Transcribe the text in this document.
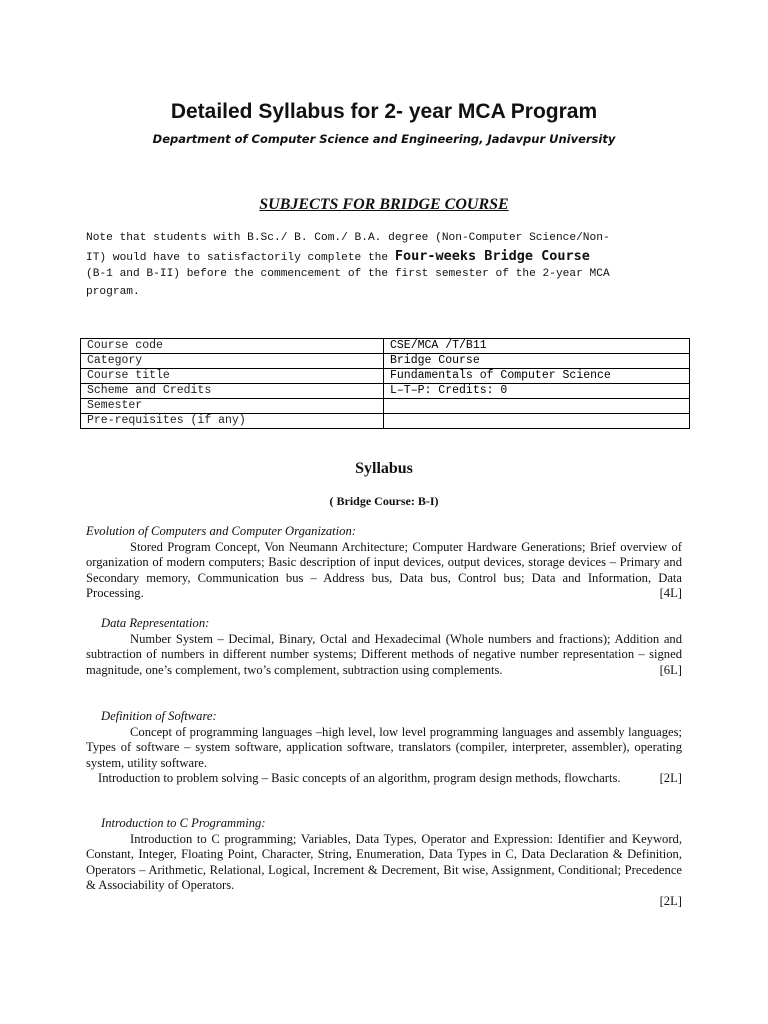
Detailed Syllabus for 2- year MCA Program
Department of Computer Science and Engineering, Jadavpur University
SUBJECTS FOR BRIDGE COURSE
Note that students with B.Sc./ B. Com./ B.A. degree (Non-Computer Science/Non-
IT) would have to satisfactorily complete the Four-weeks Bridge Course
(B-1 and B-II) before the commencement of the first semester of the 2-year MCA
program.
Course code	CSE/MCA /T/B11
Category	Bridge Course
Course title	Fundamentals of Computer Science
Scheme and Credits	L–T–P: Credits: 0
Semester	
Pre-requisites (if any)	
Syllabus
( Bridge Course: B-I)
Evolution of Computers and Computer Organization:

Stored Program Concept, Von Neumann Architecture; Computer Hardware Generations; Brief overview of organization of modern computers; Basic description of input devices, output devices, storage devices – Primary and Secondary memory, Communication bus – Address bus, Data bus, Control bus; Data and Information, Data Processing.	[4L]

Data Representation:

Number System – Decimal, Binary, Octal and Hexadecimal (Whole numbers and fractions); Addition and subtraction of numbers in different number systems; Different methods of negative number representation – signed magnitude, one’s complement, two’s complement, subtraction using complements.	[6L]

Definition of Software:

Concept of programming languages –high level, low level programming languages and assembly languages; Types of software – system software, application software, translators (compiler, interpreter, assembler), operating system, utility software.

Introduction to problem solving – Basic concepts of an algorithm, program design methods, flowcharts.	[2L]

Introduction to C Programming:

Introduction to C programming; Variables, Data Types, Operator and Expression: Identifier and Keyword, Constant, Integer, Floating Point, Character, String, Enumeration, Data Types in C, Data Declaration & Definition, Operators – Arithmetic, Relational, Logical, Increment & Decrement, Bit wise, Assignment, Conditional; Precedence & Associability of Operators.

[2L]
